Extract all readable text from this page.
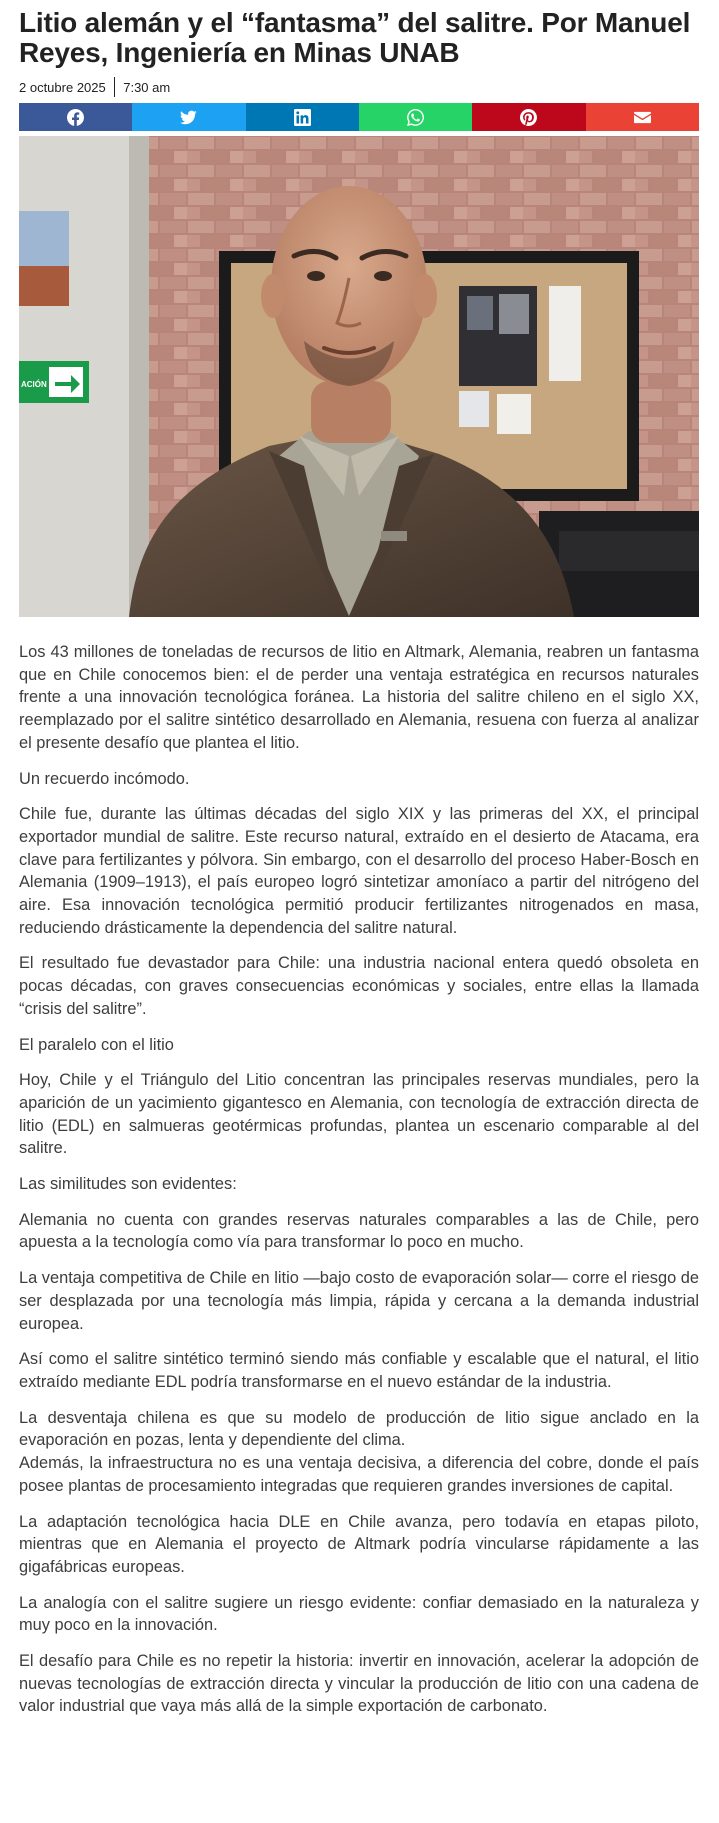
Litio alemán y el “fantasma” del salitre. Por Manuel Reyes, Ingeniería en Minas UNAB
2 octubre 2025	7:30 am
ACIÓN

Los 43 millones de toneladas de recursos de litio en Altmark, Alemania, reabren un fantasma que en Chile conocemos bien: el de perder una ventaja estratégica en recursos naturales frente a una innovación tecnológica foránea. La historia del salitre chileno en el siglo XX, reemplazado por el salitre sintético desarrollado en Alemania, resuena con fuerza al analizar el presente desafío que plantea el litio.

Un recuerdo incómodo.

Chile fue, durante las últimas décadas del siglo XIX y las primeras del XX, el principal exportador mundial de salitre. Este recurso natural, extraído en el desierto de Atacama, era clave para fertilizantes y pólvora. Sin embargo, con el desarrollo del proceso Haber-Bosch en Alemania (1909–1913), el país europeo logró sintetizar amoníaco a partir del nitrógeno del aire. Esa innovación tecnológica permitió producir fertilizantes nitrogenados en masa, reduciendo drásticamente la dependencia del salitre natural.

El resultado fue devastador para Chile: una industria nacional entera quedó obsoleta en pocas décadas, con graves consecuencias económicas y sociales, entre ellas la llamada “crisis del salitre”.

El paralelo con el litio

Hoy, Chile y el Triángulo del Litio concentran las principales reservas mundiales, pero la aparición de un yacimiento gigantesco en Alemania, con tecnología de extracción directa de litio (EDL) en salmueras geotérmicas profundas, plantea un escenario comparable al del salitre.

Las similitudes son evidentes:

Alemania no cuenta con grandes reservas naturales comparables a las de Chile, pero apuesta a la tecnología como vía para transformar lo poco en mucho.

La ventaja competitiva de Chile en litio —bajo costo de evaporación solar— corre el riesgo de ser desplazada por una tecnología más limpia, rápida y cercana a la demanda industrial europea.

Así como el salitre sintético terminó siendo más confiable y escalable que el natural, el litio extraído mediante EDL podría transformarse en el nuevo estándar de la industria.

La desventaja chilena es que su modelo de producción de litio sigue anclado en la evaporación en pozas, lenta y dependiente del clima.

Además, la infraestructura no es una ventaja decisiva, a diferencia del cobre, donde el país posee plantas de procesamiento integradas que requieren grandes inversiones de capital.

La adaptación tecnológica hacia DLE en Chile avanza, pero todavía en etapas piloto, mientras que en Alemania el proyecto de Altmark podría vincularse rápidamente a las gigafábricas europeas.

La analogía con el salitre sugiere un riesgo evidente: confiar demasiado en la naturaleza y muy poco en la innovación.

El desafío para Chile es no repetir la historia: invertir en innovación, acelerar la adopción de nuevas tecnologías de extracción directa y vincular la producción de litio con una cadena de valor industrial que vaya más allá de la simple exportación de carbonato.
